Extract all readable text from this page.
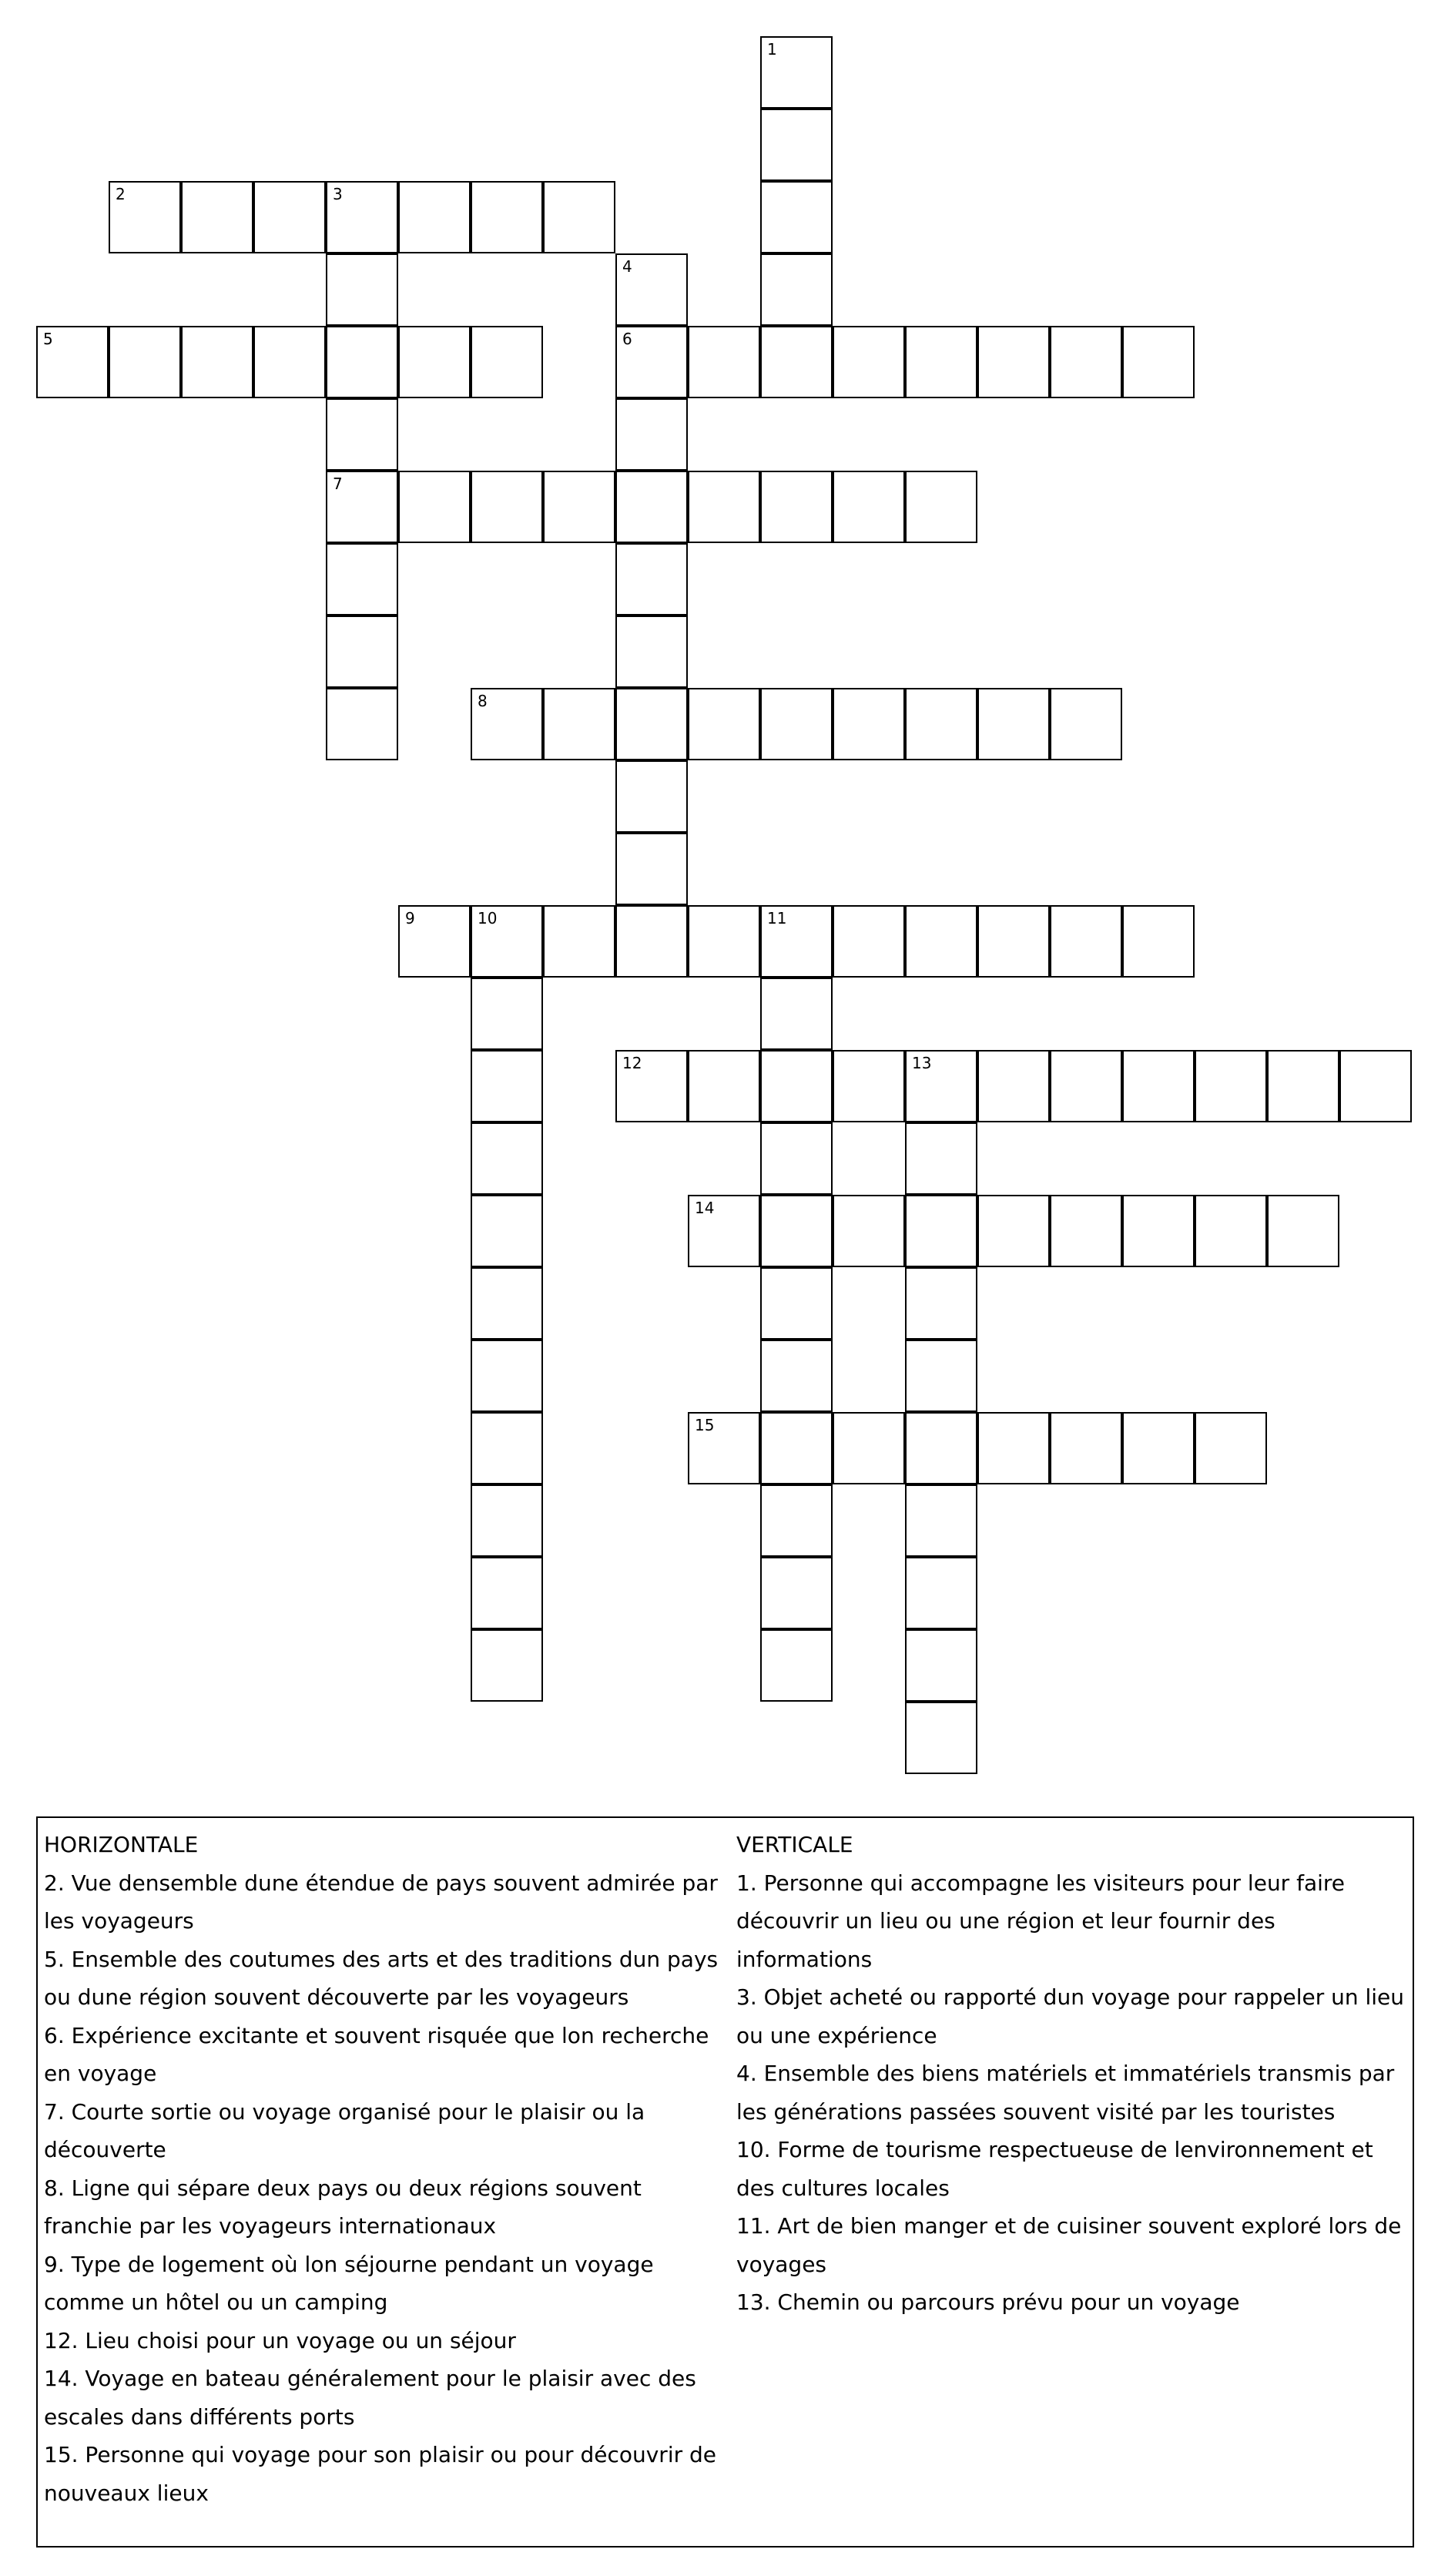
1
2	3
7
4
6
5
8
9	10	11
12	13
14
15
HORIZONTALE
2. Vue densemble dune étendue de pays souvent admirée par les voyageurs
5. Ensemble des coutumes des arts et des traditions dun pays ou dune région souvent découverte par les voyageurs
6. Expérience excitante et souvent risquée que lon recherche en voyage
7. Courte sortie ou voyage organisé pour le plaisir ou la découverte
8. Ligne qui sépare deux pays ou deux régions souvent franchie par les voyageurs internationaux
9. Type de logement où lon séjourne pendant un voyage comme un hôtel ou un camping
12. Lieu choisi pour un voyage ou un séjour
14. Voyage en bateau généralement pour le plaisir avec des escales dans différents ports
15. Personne qui voyage pour son plaisir ou pour découvrir de nouveaux lieux
VERTICALE
1. Personne qui accompagne les visiteurs pour leur faire découvrir un lieu ou une région et leur fournir des informations
3. Objet acheté ou rapporté dun voyage pour rappeler un lieu ou une expérience
4. Ensemble des biens matériels et immatériels transmis par les générations passées souvent visité par les touristes
10. Forme de tourisme respectueuse de lenvironnement et des cultures locales
11. Art de bien manger et de cuisiner souvent exploré lors de voyages
13. Chemin ou parcours prévu pour un voyage
